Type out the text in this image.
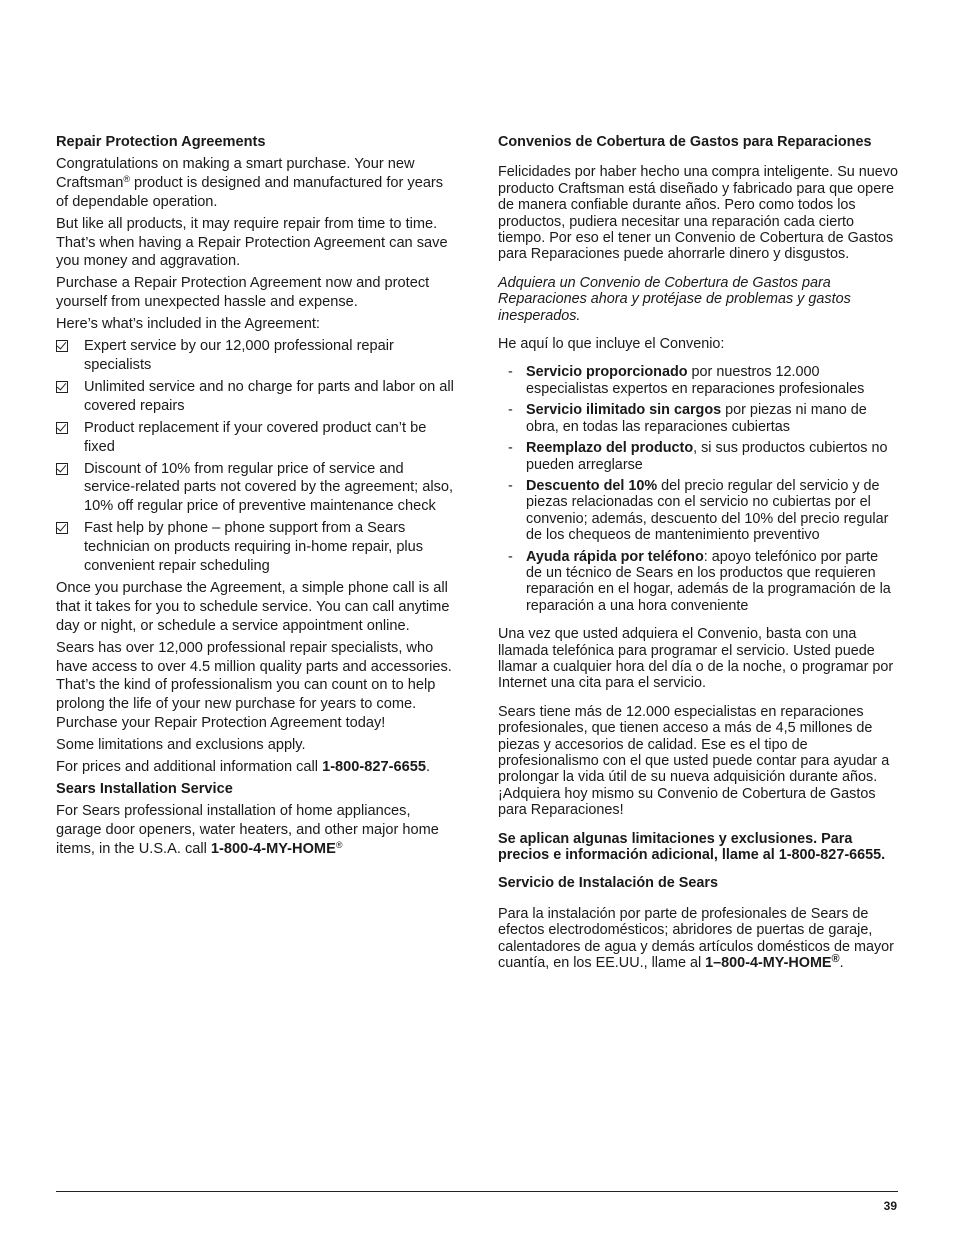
Repair Protection Agreements

Congratulations on making a smart purchase. Your new Craftsman® product is designed and manufactured for years of dependable operation.

But like all products, it may require repair from time to time. That’s when having a Repair Protection Agreement can save you money and aggravation.

Purchase a Repair Protection Agreement now and protect yourself from unexpected hassle and expense.

Here’s what’s included in the Agreement:

Expert service by our 12,000 professional repair specialists
Unlimited service and no charge for parts and labor on all covered repairs
Product replacement if your covered product can’t be fixed
Discount of 10% from regular price of service and service-related parts not covered by the agreement; also, 10% off regular price of preventive maintenance check
Fast help by phone – phone support from a Sears technician on products requiring in-home repair, plus convenient repair scheduling

Once you purchase the Agreement, a simple phone call is all that it takes for you to schedule service. You can call anytime day or night, or schedule a service appointment online.

Sears has over 12,000 professional repair specialists, who have access to over 4.5 million quality parts and accessories. That’s the kind of professionalism you can count on to help prolong the life of your new purchase for years to come. Purchase your Repair Protection Agreement today!

Some limitations and exclusions apply.

For prices and additional information call 1-800-827-6655.

Sears Installation Service

For Sears professional installation of home appliances, garage door openers, water heaters, and other major home items, in the U.S.A. call 1-800-4-MY-HOME®

Convenios de Cobertura de Gastos para Reparaciones

Felicidades por haber hecho una compra inteligente. Su nuevo producto Craftsman está diseñado y fabricado para que opere de manera confiable durante años. Pero como todos los productos, pudiera necesitar una reparación cada cierto tiempo. Por eso el tener un Convenio de Cobertura de Gastos para Reparaciones puede ahorrarle dinero y disgustos.

Adquiera un Convenio de Cobertura de Gastos para Reparaciones ahora y protéjase de problemas y gastos inesperados.

He aquí lo que incluye el Convenio:

- Servicio proporcionado por nuestros 12.000 especialistas expertos en reparaciones profesionales
- Servicio ilimitado sin cargos por piezas ni mano de obra, en todas las reparaciones cubiertas
- Reemplazo del producto, si sus productos cubiertos no pueden arreglarse
- Descuento del 10% del precio regular del servicio y de piezas relacionadas con el servicio no cubiertas por el convenio; además, descuento del 10% del precio regular de los chequeos de mantenimiento preventivo
- Ayuda rápida por teléfono: apoyo telefónico por parte de un técnico de Sears en los productos que requieren reparación en el hogar, además de la programación de la reparación a una hora conveniente

Una vez que usted adquiera el Convenio, basta con una llamada telefónica para programar el servicio. Usted puede llamar a cualquier hora del día o de la noche, o programar por Internet una cita para el servicio.

Sears tiene más de 12.000 especialistas en reparaciones profesionales, que tienen acceso a más de 4,5 millones de piezas y accesorios de calidad. Ese es el tipo de profesionalismo con el que usted puede contar para ayudar a prolongar la vida útil de su nueva adquisición durante años. ¡Adquiera hoy mismo su Convenio de Cobertura de Gastos para Reparaciones!

Se aplican algunas limitaciones y exclusiones. Para precios e información adicional, llame al 1-800-827-6655.

Servicio de Instalación de Sears

Para la instalación por parte de profesionales de Sears de efectos electrodomésticos; abridores de puertas de garaje, calentadores de agua y demás artículos domésticos de mayor cuantía, en los EE.UU., llame al 1–800-4-MY-HOME®.

39
